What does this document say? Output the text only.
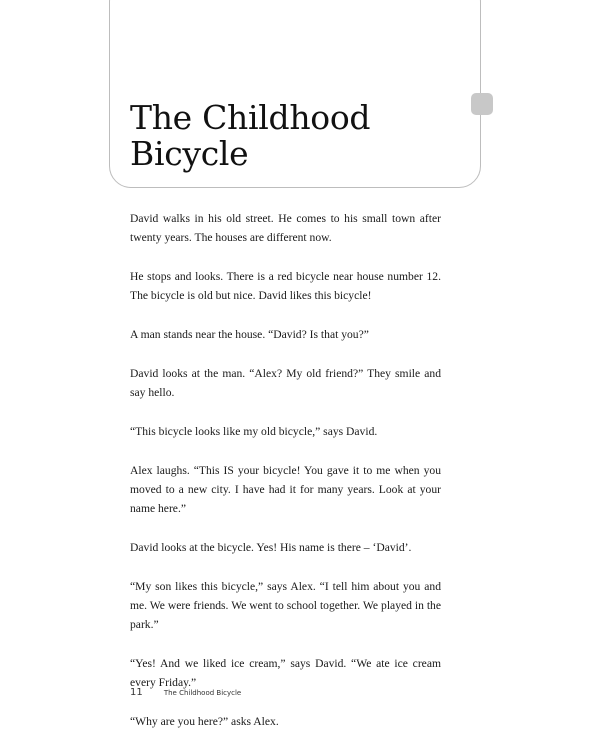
The Childhood
Bicycle

David walks in his old street. He comes to his small town after twenty years. The houses are different now.

He stops and looks. There is a red bicycle near house number 12. The bicycle is old but nice. David likes this bicycle!

A man stands near the house. “David? Is that you?”

David looks at the man. “Alex? My old friend?” They smile and say hello.

“This bicycle looks like my old bicycle,” says David.

Alex laughs. “This IS your bicycle! You gave it to me when you moved to a new city. I have had it for many years. Look at your name here.”

David looks at the bicycle. Yes! His name is there – ‘David’.

“My son likes this bicycle,” says Alex. “I tell him about you and me. We were friends. We went to school together. We played in the park.”

“Yes! And we liked ice cream,” says David. “We ate ice cream every Friday.”

“Why are you here?” asks Alex.

11	The Childhood Bicycle
